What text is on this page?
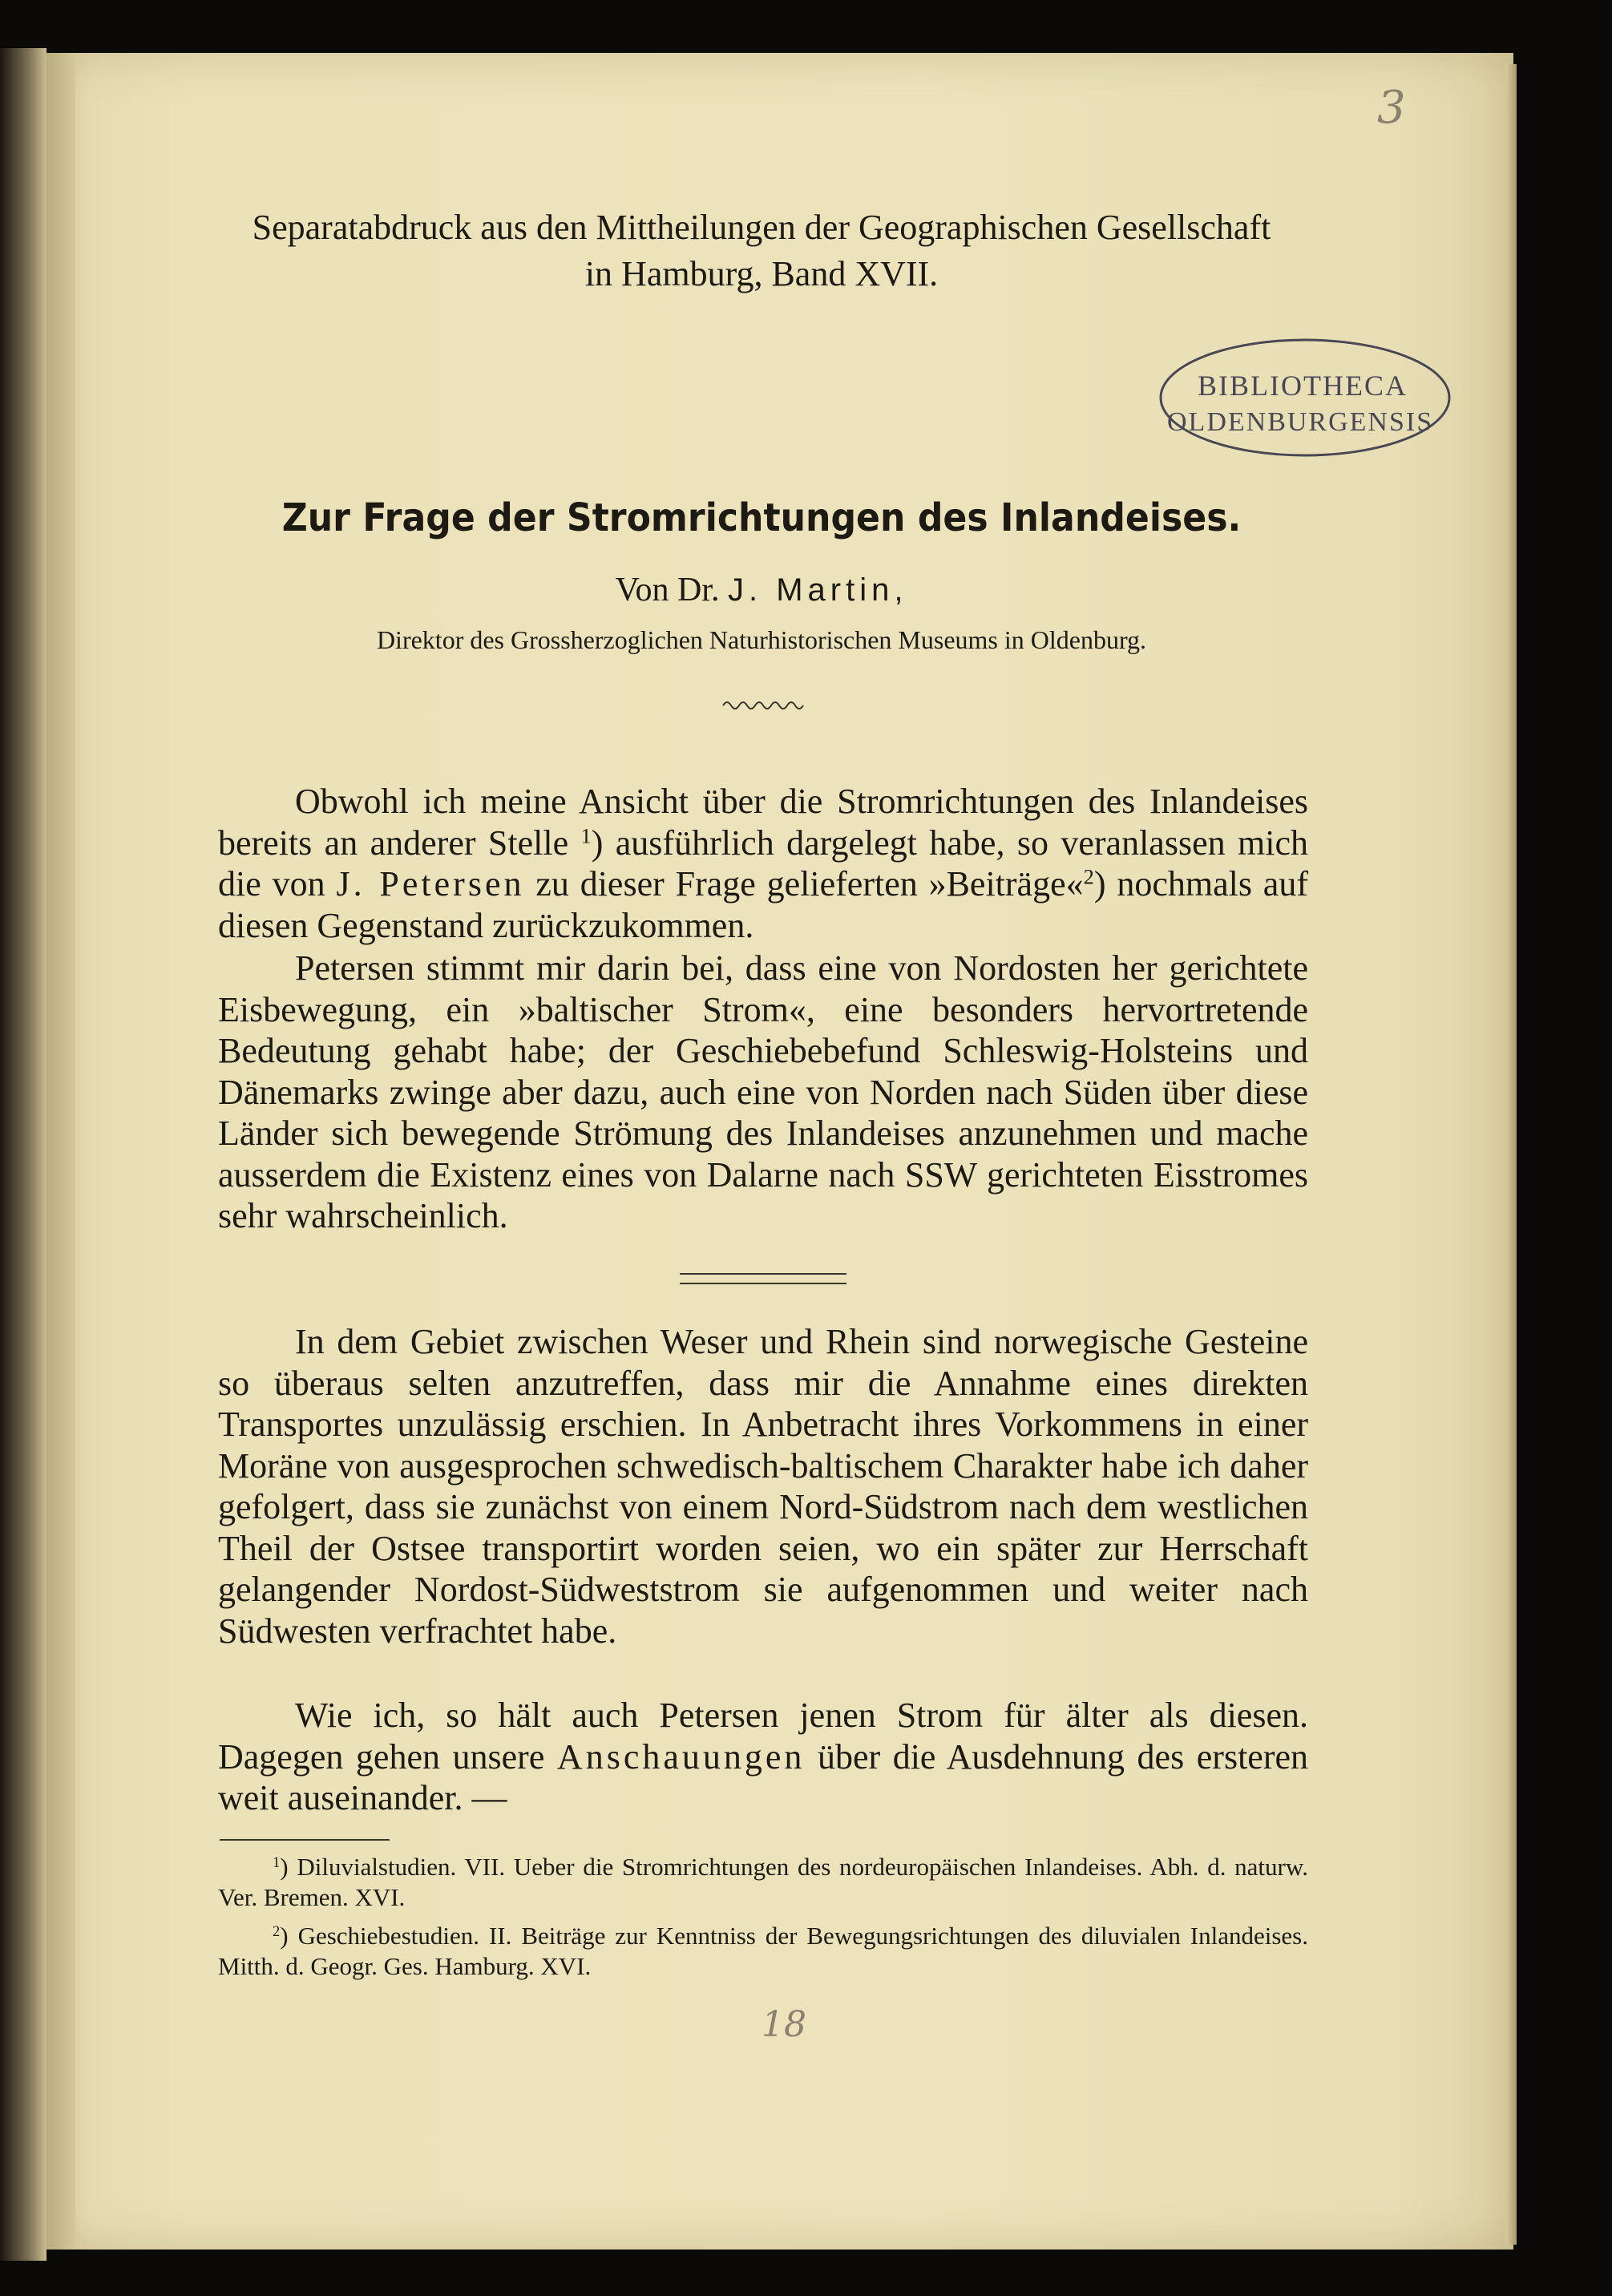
3

Separatabdruck aus den Mittheilungen der Geographischen Gesellschaft
in Hamburg, Band XVII.

BIBLIOTHECA
OLDENBURGENSIS

Zur Frage der Stromrichtungen des Inlandeises.

Von Dr. J. Martin,

Direktor des Grossherzoglichen Naturhistorischen Museums in Oldenburg.

Obwohl ich meine Ansicht über die Stromrichtungen des Inlandeises bereits an anderer Stelle $^1$) ausführlich dargelegt habe, so veranlassen mich die von J. Petersen zu dieser Frage gelieferten »Beiträge«$^2$) nochmals auf diesen Gegenstand zurückzukommen.

Petersen stimmt mir darin bei, dass eine von Nordosten her gerichtete Eisbewegung, ein »baltischer Strom«, eine besonders hervortretende Bedeutung gehabt habe; der Geschiebebefund Schleswig-Holsteins und Dänemarks zwinge aber dazu, auch eine von Norden nach Süden über diese Länder sich bewegende Strömung des Inlandeises anzunehmen und mache ausserdem die Existenz eines von Dalarne nach SSW gerichteten Eisstromes sehr wahrscheinlich.

In dem Gebiet zwischen Weser und Rhein sind norwegische Gesteine so überaus selten anzutreffen, dass mir die Annahme eines direkten Transportes unzulässig erschien. In Anbetracht ihres Vorkommens in einer Moräne von ausgesprochen schwedisch-baltischem Charakter habe ich daher gefolgert, dass sie zunächst von einem Nord-Südstrom nach dem westlichen Theil der Ostsee transportirt worden seien, wo ein später zur Herrschaft gelangender Nordost-Südweststrom sie aufgenommen und weiter nach Südwesten verfrachtet habe.

Wie ich, so hält auch Petersen jenen Strom für älter als diesen. Dagegen gehen unsere Anschauungen über die Ausdehnung des ersteren weit auseinander. —

$^1$) Diluvialstudien. VII. Ueber die Stromrichtungen des nordeuropäischen Inlandeises. Abh. d. naturw. Ver. Bremen. XVI.

$^2$) Geschiebestudien. II. Beiträge zur Kenntniss der Bewegungsrichtungen des diluvialen Inlandeises. Mitth. d. Geogr. Ges. Hamburg. XVI.

18
